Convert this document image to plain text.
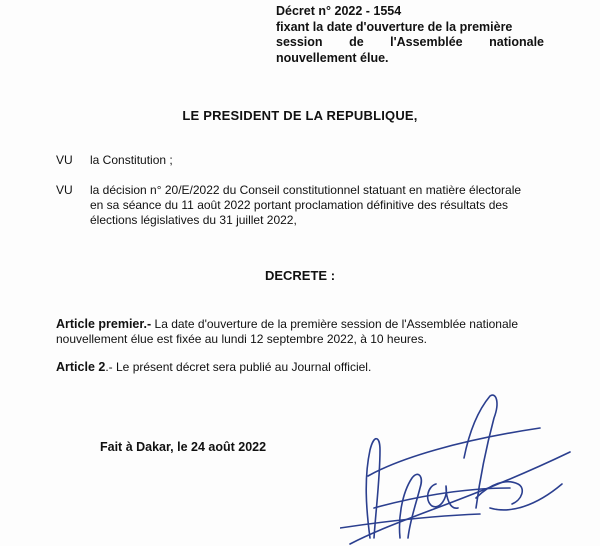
Décret n° 2022 - 1554
fixant la date d'ouverture de la première
session de l'Assemblée nationale
nouvellement élue.
LE PRESIDENT DE LA REPUBLIQUE,
VU	la Constitution ;
VU	la décision n° 20/E/2022 du Conseil constitutionnel statuant en matière électorale
en sa séance du 11 août 2022 portant proclamation définitive des résultats des
élections législatives du 31 juillet 2022,
DECRETE :
Article premier.- La date d'ouverture de la première session de l'Assemblée nationale
nouvellement élue est fixée au lundi 12 septembre 2022, à 10 heures.
Article 2.- Le présent décret sera publié au Journal officiel.
Fait à Dakar, le 24 août 2022
